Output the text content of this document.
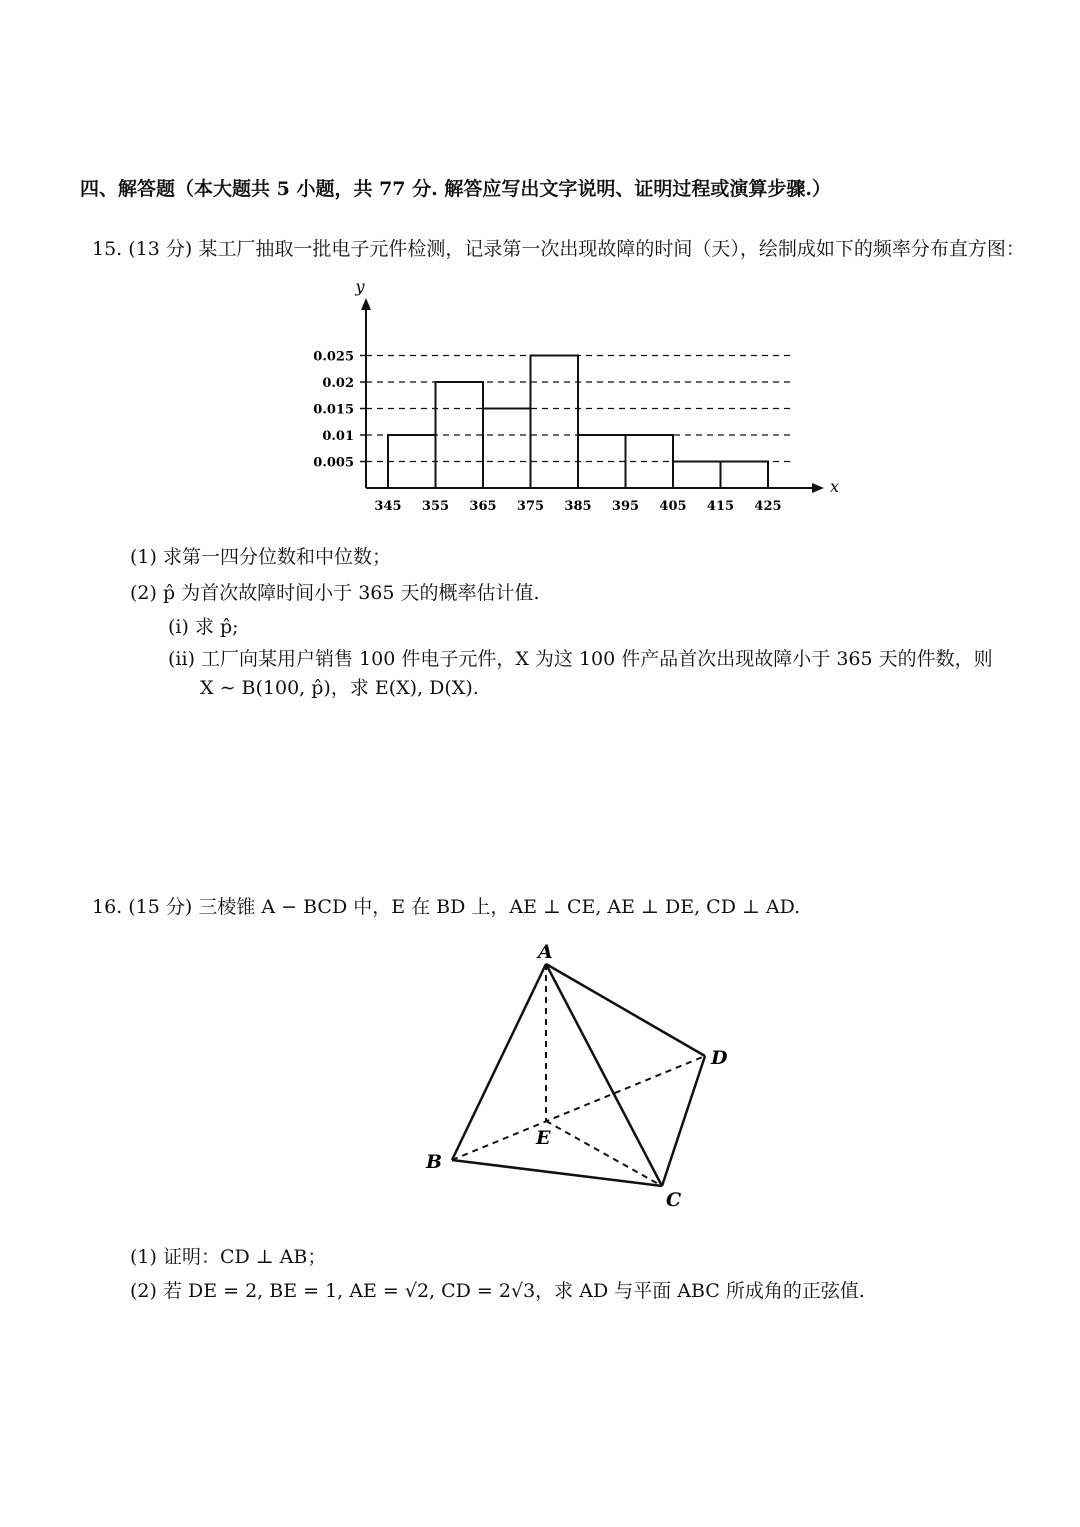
四、解答题（本大题共 5 小题，共 77 分. 解答应写出文字说明、证明过程或演算步骤.）
15. (13 分) 某工厂抽取一批电子元件检测，记录第一次出现故障的时间（天），绘制成如下的频率分布直方图：
y
x
0.025
0.02
0.015
0.01
0.005
345 355 365 375 385 395 405 415 425
(1) 求第一四分位数和中位数；
(2) p̂ 为首次故障时间小于 365 天的概率估计值.
(i) 求 p̂;
(ii) 工厂向某用户销售 100 件电子元件，X 为这 100 件产品首次出现故障小于 365 天的件数，则
X ∼ B(100, p̂)，求 E(X), D(X).
16. (15 分) 三棱锥 A − BCD 中，E 在 BD 上，AE ⊥ CE, AE ⊥ DE, CD ⊥ AD.
A
B
C
D
E
(1) 证明：CD ⊥ AB；
(2) 若 DE = 2, BE = 1, AE = √2, CD = 2√3，求 AD 与平面 ABC 所成角的正弦值.
